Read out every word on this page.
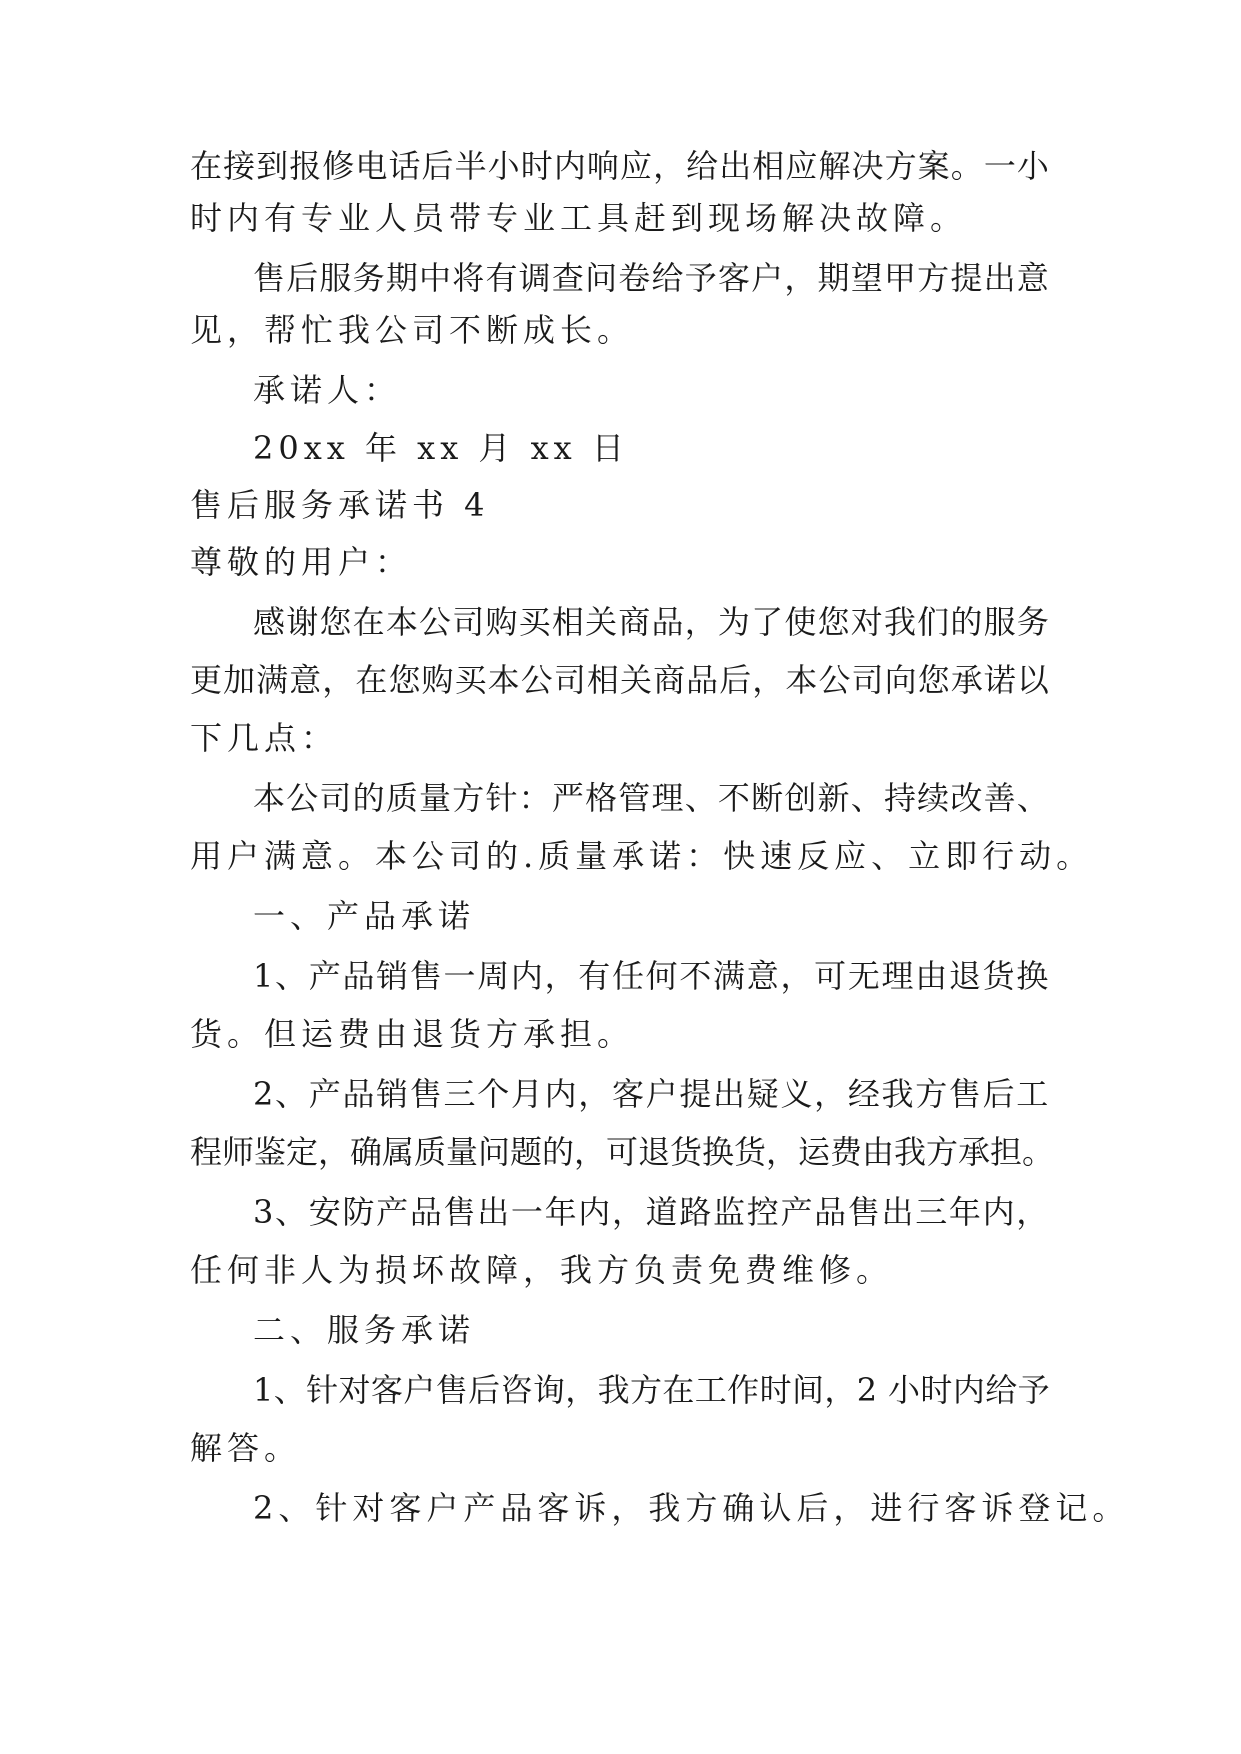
在接到报修电话后半小时内响应，给出相应解决方案。一小
时内有专业人员带专业工具赶到现场解决故障。
售后服务期中将有调查问卷给予客户，期望甲方提出意
见，帮忙我公司不断成长。
承诺人：
20xx 年 xx 月 xx 日
售后服务承诺书 4
尊敬的用户：
感谢您在本公司购买相关商品，为了使您对我们的服务
更加满意，在您购买本公司相关商品后，本公司向您承诺以
下几点：
本公司的质量方针：严格管理、不断创新、持续改善、
用户满意。本公司的.质量承诺：快速反应、立即行动。
一、产品承诺
1、产品销售一周内，有任何不满意，可无理由退货换
货。但运费由退货方承担。
2、产品销售三个月内，客户提出疑义，经我方售后工
程师鉴定，确属质量问题的，可退货换货，运费由我方承担。
3、安防产品售出一年内，道路监控产品售出三年内，
任何非人为损坏故障，我方负责免费维修。
二、服务承诺
1、针对客户售后咨询，我方在工作时间，2 小时内给予
解答。
2、针对客户产品客诉，我方确认后，进行客诉登记。
